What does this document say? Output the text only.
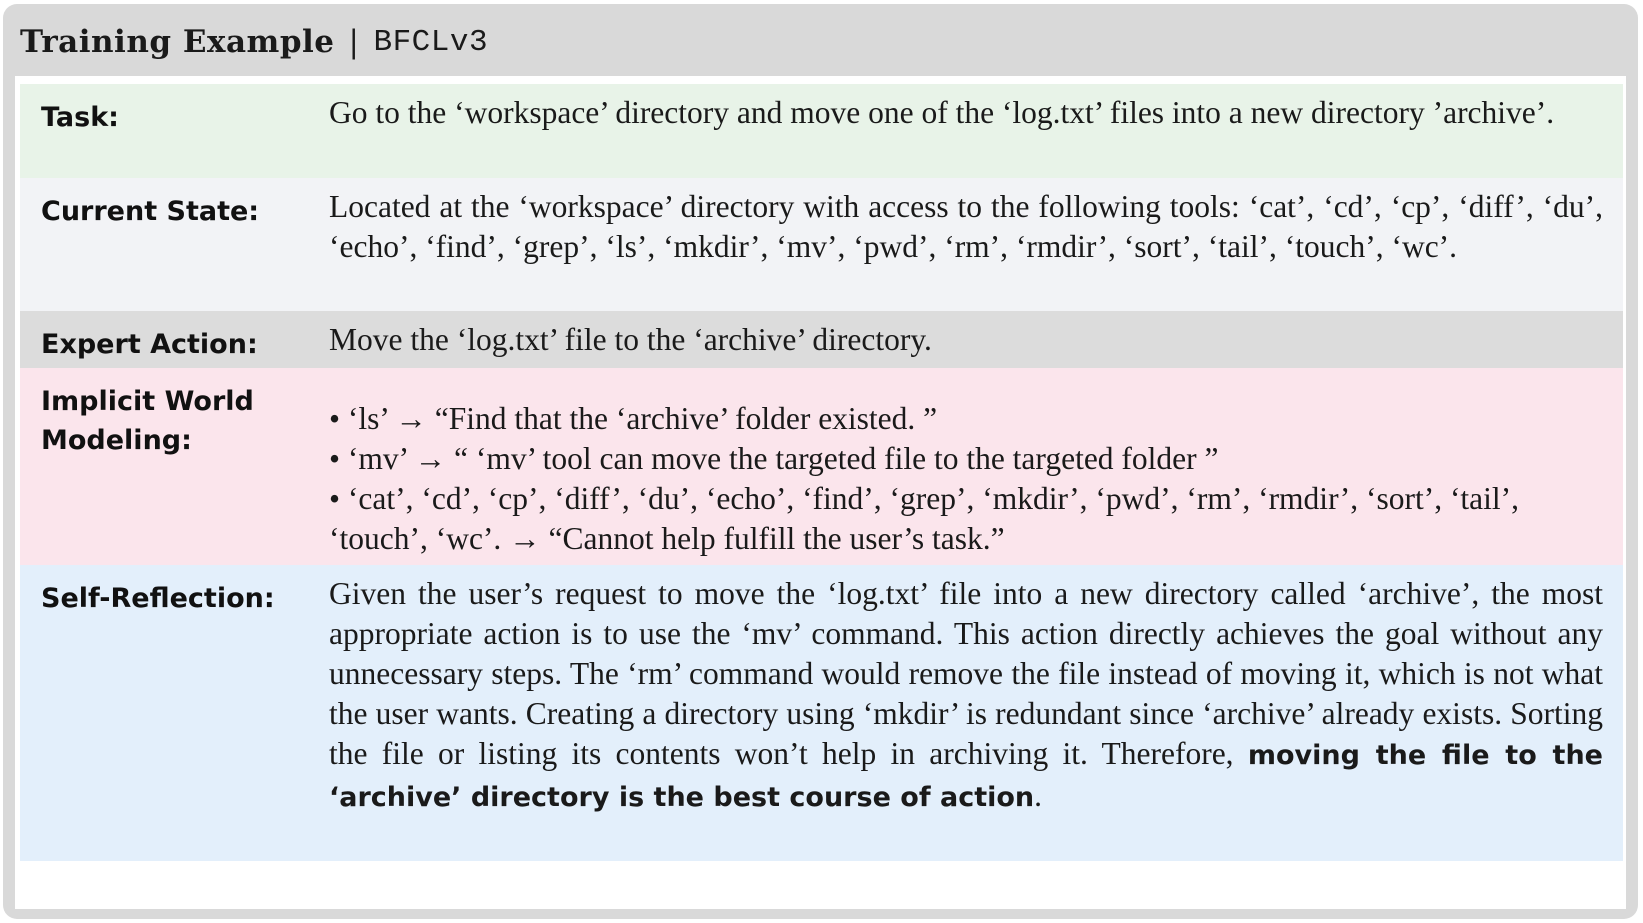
Training Example | BFCLv3
Task:	Go to the ‘workspace’ directory and move one of the ‘log.txt’ files into a new directory ’archive’.
Current State:	Located at the ‘workspace’ directory with access to the following tools: ‘cat’, ‘cd’, ‘cp’, ‘diff’, ‘du’, ‘echo’, ‘find’, ‘grep’, ‘ls’, ‘mkdir’, ‘mv’, ‘pwd’, ‘rm’, ‘rmdir’, ‘sort’, ‘tail’, ‘touch’, ‘wc’.
Expert Action:	Move the ‘log.txt’ file to the ‘archive’ directory.
Implicit World Modeling:
• ‘ls’ → “Find that the ‘archive’ folder existed. ”
• ‘mv’ → “ ‘mv’ tool can move the targeted file to the targeted folder ”
• ‘cat’, ‘cd’, ‘cp’, ‘diff’, ‘du’, ‘echo’, ‘find’, ‘grep’, ‘mkdir’, ‘pwd’, ‘rm’, ‘rmdir’, ‘sort’, ‘tail’, ‘touch’, ‘wc’. → “Cannot help fulfill the user’s task.”
Self-Reflection:	Given the user’s request to move the ‘log.txt’ file into a new directory called ‘archive’, the most appropriate action is to use the ‘mv’ command. This action directly achieves the goal without any unnecessary steps. The ‘rm’ command would remove the file instead of moving it, which is not what the user wants. Creating a directory using ‘mkdir’ is redundant since ‘archive’ already exists. Sorting the file or listing its contents won’t help in archiving it. Therefore, moving the file to the ‘archive’ directory is the best course of action.
